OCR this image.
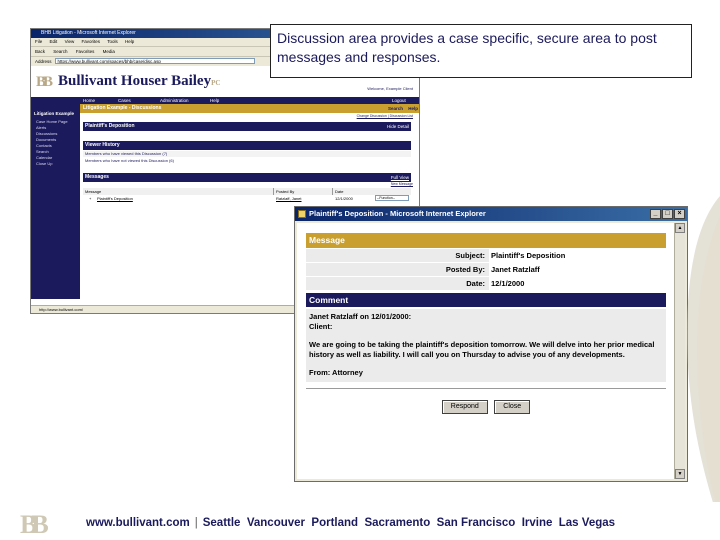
BHB Litigation - Microsoft Internet Explorer
File Edit View Favorites Tools Help
Back Search Favorites Media
Address	https://www.bullivant.com/spaces/bhb/case/disc.asp
BB Bullivant Houser BaileyPC
Welcome, Example Client
Home	Cases	Administration	Help	Logout
Litigation Example
Case Home Page
Alerts
Discussions
Documents
Contacts
Search
Calendar
Close Up
Litigation Example - Discussions	Search Help
Change Discussion | Discussion List
Plaintiff's Deposition	Hide Detail
Viewer History
Members who have viewed this Discussion (7)
Members who have not viewed this Discussion (6)
Messages	Full View
New Message
Message	Posted By	Date
+ Plaintiff's Deposition	Ratzlaff, Janet	12/1/2000	--Function--
http://www.bullivant.com/
Discussion area provides a case specific, secure area to post messages and responses.
Plaintiff's Deposition - Microsoft Internet Explorer	_	□	×
Message
Subject: Plaintiff's Deposition
Posted By: Janet Ratzlaff
Date: 12/1/2000
Comment

Janet Ratzlaff on 12/01/2000:

Client:

We are going to be taking the plaintiff's deposition tomorrow. We will delve into her prior medical history as well as liability. I will call you on Thursday to advise you of any developments.

From: Attorney

Respond	Close
▲
▼
BB	www.bullivant.com | Seattle Vancouver Portland Sacramento San Francisco Irvine Las Vegas
